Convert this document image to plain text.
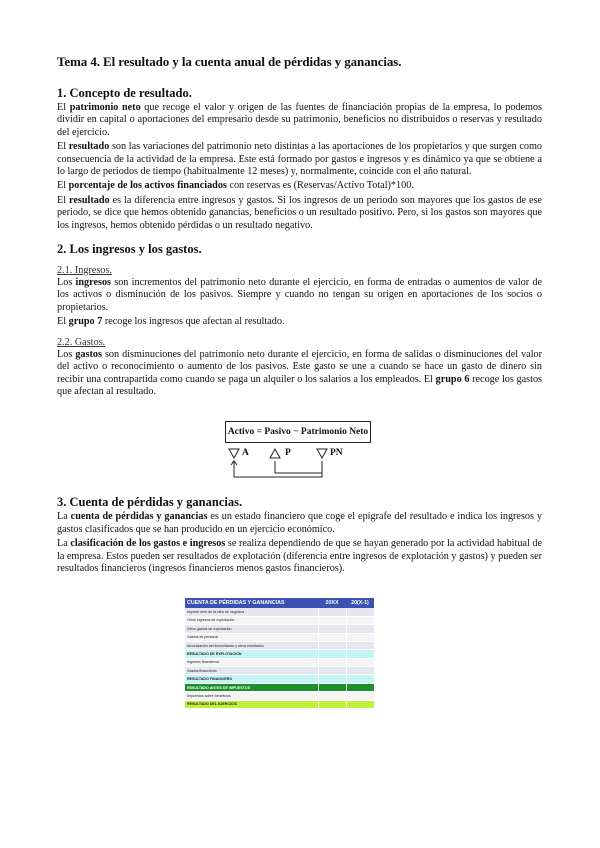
Tema 4. El resultado y la cuenta anual de pérdidas y ganancias.
1. Concepto de resultado.

El patrimonio neto que recoge el valor y origen de las fuentes de financiación propias de la empresa, lo podemos dividir en capital o aportaciones del empresario desde su patrimonio, beneficios no distribuidos o reservas y resultado del ejercicio.

El resultado son las variaciones del patrimonio neto distintas a las aportaciones de los propietarios y que surgen como consecuencia de la actividad de la empresa. Este está formado por gastos e ingresos y es dinámico ya que se obtiene a lo largo de periodos de tiempo (habitualmente 12 meses) y, normalmente, coincide con el año natural.

El porcentaje de los activos financiados con reservas es (Reservas/Activo Total)*100.

El resultado es la diferencia entre ingresos y gastos. Si los ingresos de un periodo son mayores que los gastos de ese periodo, se dice que hemos obtenido ganancias, beneficios o un resultado positivo. Pero, si los gastos son mayores que los ingresos, hemos obtenido pérdidas o un resultado negativo.

2. Los ingresos y los gastos.
2.1. Ingresos.

Los ingresos son incrementos del patrimonio neto durante el ejercicio, en forma de entradas o aumentos de valor de los activos o disminución de los pasivos. Siempre y cuando no tengan su origen en aportaciones de los socios o propietarios.

El grupo 7 recoge los ingresos que afectan al resultado.

2.2. Gastos.

Los gastos son disminuciones del patrimonio neto durante el ejercicio, en forma de salidas o disminuciones del valor del activo o reconocimiento o aumento de los pasivos. Este gasto se une a cuando se hace un gasto de dinero sin recibir una contrapartida como cuando se paga un alquiler o los salarios a los empleados. El grupo 6 recoge los gastos que afectan al resultado.

Activo = Pasivo − Patrimonio Neto
A	P	PN
3. Cuenta de pérdidas y ganancias.

La cuenta de pérdidas y ganancias es un estado financiero que coge el epígrafe del resultado e indica los ingresos y gastos clasificados que se han producido en un ejercicio económico.

La clasificación de los gastos e ingresos se realiza dependiendo de que se hayan generado por la actividad habitual de la empresa. Estos pueden ser resultados de explotación (diferencia entre ingresos de explotación y gastos) y pueden ser resultados financieros (ingresos financieros menos gastos financieros).

CUENTA DE PÉRDIDAS Y GANANCIAS	20XX	20(X-1)
Importe neto de la cifra de negocios		
Otros ingresos de explotación		
Otros gastos de explotación		
Gastos de personal		
Amortización del inmovilizado y otros resultados		
RESULTADO DE EXPLOTACIÓN		
Ingresos financieros		
Gastos financieros		
RESULTADO FINANCIERO		
RESULTADO ANTES DE IMPUESTOS		
Impuestos sobre beneficios		
RESULTADO DEL EJERCICIO		
